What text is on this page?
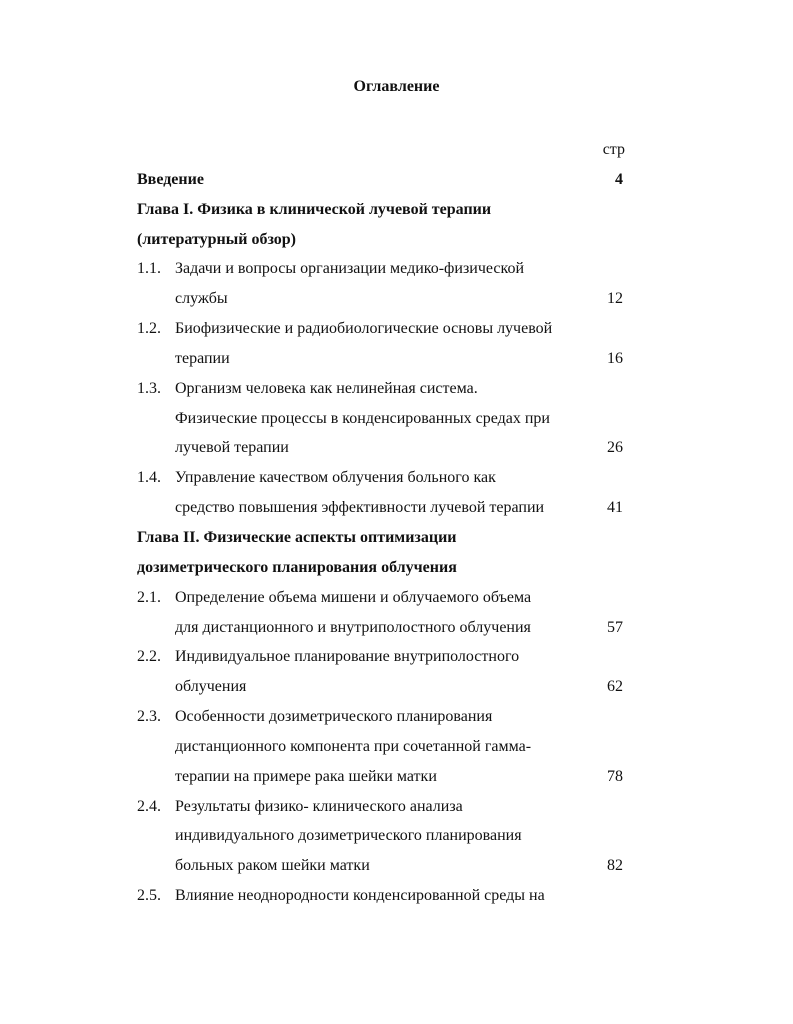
Оглавление
стр
Введение	4
Глава I. Физика в клинической лучевой терапии
(литературный обзор)
1.1. Задачи и вопросы организации медико-физической
службы	12
1.2. Биофизические и радиобиологические основы лучевой
терапии	16
1.3. Организм человека как нелинейная система.
Физические процессы в конденсированных средах при
лучевой терапии	26
1.4. Управление качеством облучения больного как
средство повышения эффективности лучевой терапии	41
Глава II. Физические аспекты оптимизации
дозиметрического планирования облучения
2.1. Определение объема мишени и облучаемого объема
для дистанционного и внутриполостного облучения	57
2.2. Индивидуальное планирование внутриполостного
облучения	62
2.3. Особенности дозиметрического планирования
дистанционного компонента при сочетанной гамма-
терапии на примере рака шейки матки	78
2.4. Результаты физико- клинического анализа
индивидуального дозиметрического планирования
больных раком шейки матки	82
2.5. Влияние неоднородности конденсированной среды на
